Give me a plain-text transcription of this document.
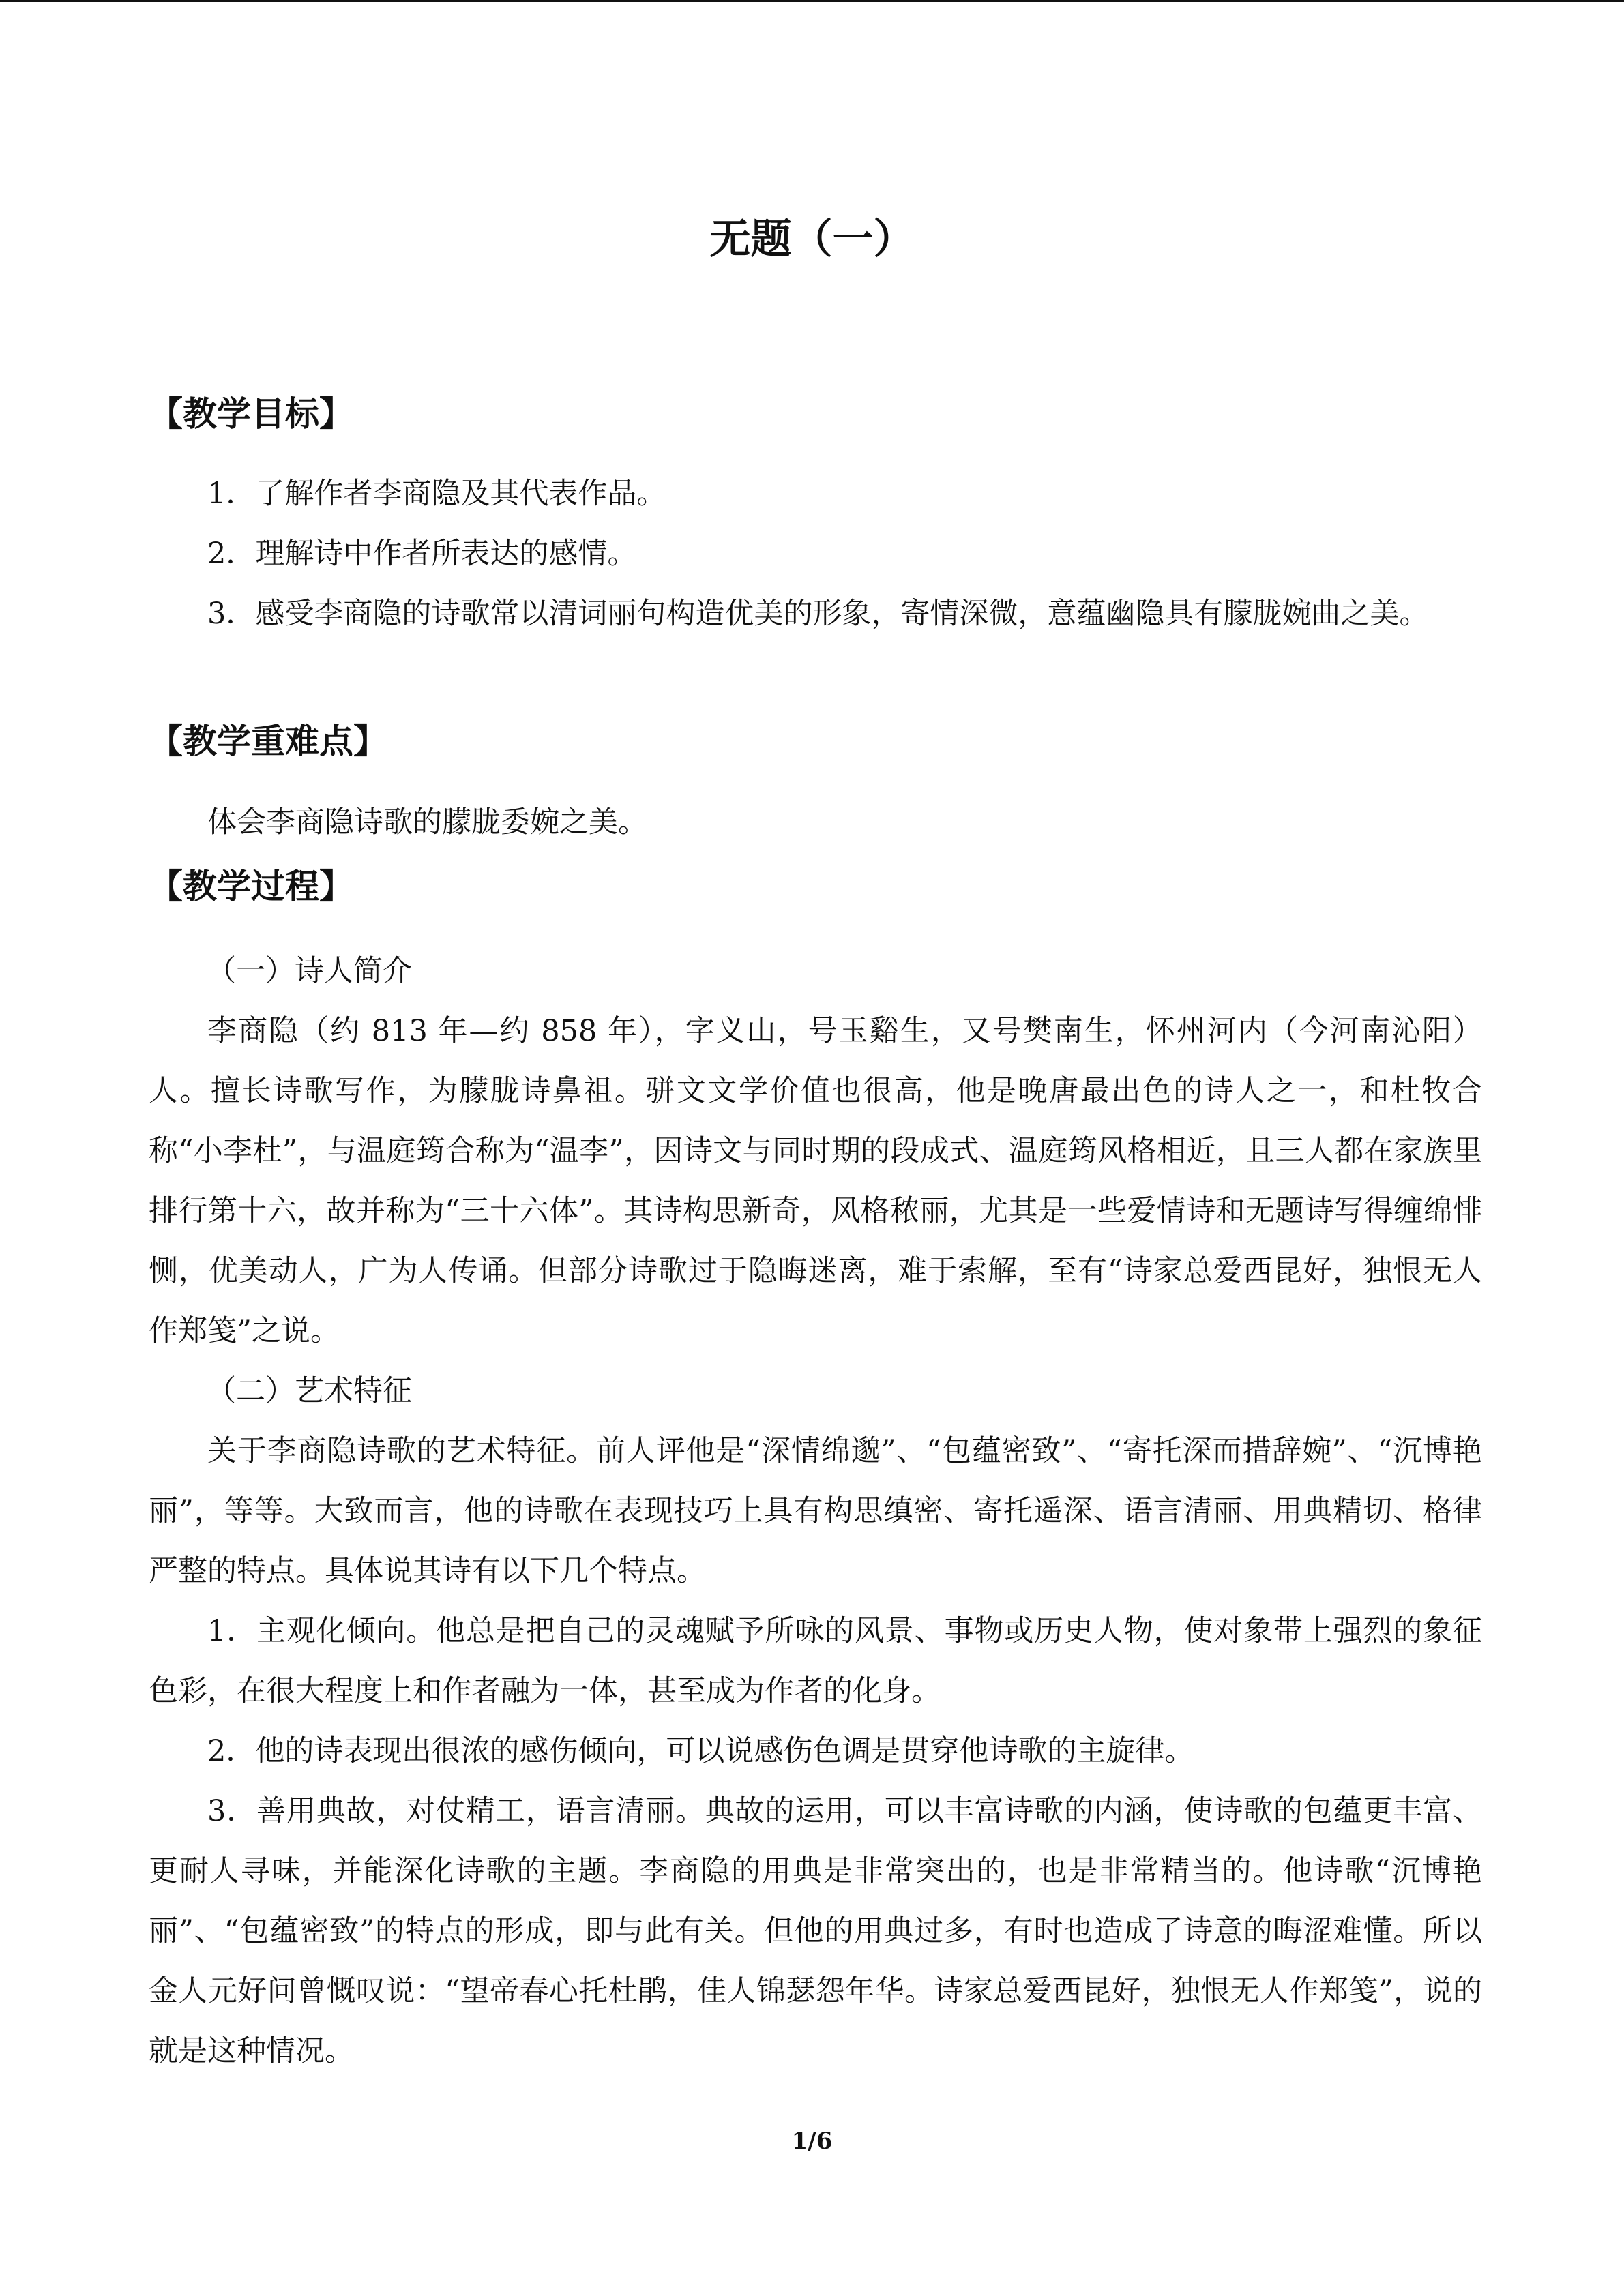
无题（一）
【教学目标】

1．了解作者李商隐及其代表作品。

2．理解诗中作者所表达的感情。

3．感受李商隐的诗歌常以清词丽句构造优美的形象，寄情深微，意蕴幽隐具有朦胧婉曲之美。

【教学重难点】

体会李商隐诗歌的朦胧委婉之美。

【教学过程】

（一）诗人简介

李商隐（约 813 年—约 858 年），字义山，号玉谿生，又号樊南生，怀州河内（今河南沁阳）人。擅长诗歌写作，为朦胧诗鼻祖。骈文文学价值也很高，他是晚唐最出色的诗人之一，和杜牧合称“小李杜”，与温庭筠合称为“温李”，因诗文与同时期的段成式、温庭筠风格相近，且三人都在家族里排行第十六，故并称为“三十六体”。其诗构思新奇，风格秾丽，尤其是一些爱情诗和无题诗写得缠绵悱恻，优美动人，广为人传诵。但部分诗歌过于隐晦迷离，难于索解，至有“诗家总爱西昆好，独恨无人作郑笺”之说。

（二）艺术特征

关于李商隐诗歌的艺术特征。前人评他是“深情绵邈”、“包蕴密致”、“寄托深而措辞婉”、“沉博艳丽”，等等。大致而言，他的诗歌在表现技巧上具有构思缜密、寄托遥深、语言清丽、用典精切、格律严整的特点。具体说其诗有以下几个特点。

1．主观化倾向。他总是把自己的灵魂赋予所咏的风景、事物或历史人物，使对象带上强烈的象征色彩，在很大程度上和作者融为一体，甚至成为作者的化身。

2．他的诗表现出很浓的感伤倾向，可以说感伤色调是贯穿他诗歌的主旋律。

3．善用典故，对仗精工，语言清丽。典故的运用，可以丰富诗歌的内涵，使诗歌的包蕴更丰富、更耐人寻味，并能深化诗歌的主题。李商隐的用典是非常突出的，也是非常精当的。他诗歌“沉博艳丽”、“包蕴密致”的特点的形成，即与此有关。但他的用典过多，有时也造成了诗意的晦涩难懂。所以金人元好问曾慨叹说：“望帝春心托杜鹃，佳人锦瑟怨年华。诗家总爱西昆好，独恨无人作郑笺”，说的就是这种情况。

1/6
